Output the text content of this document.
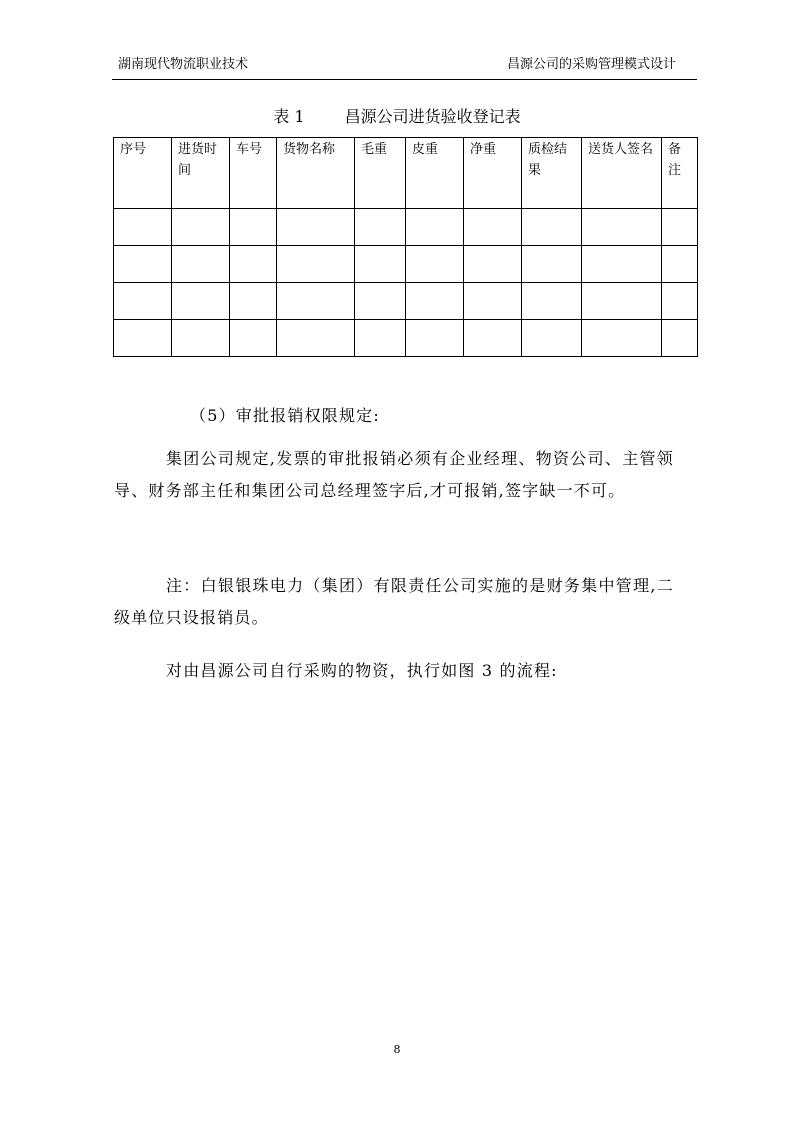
湖南现代物流职业技术	昌源公司的采购管理模式设计
表 1	昌源公司进货验收登记表
序号	进货时间	车号	货物名称	毛重	皮重	净重	质检结果	送货人签名	备注

（5）审批报销权限规定:

集团公司规定,发票的审批报销必须有企业经理、物资公司、主管领导、财务部主任和集团公司总经理签字后,才可报销,签字缺一不可。

注：白银银珠电力（集团）有限责任公司实施的是财务集中管理,二级单位只设报销员。

对由昌源公司自行采购的物资，执行如图 3 的流程:

8
